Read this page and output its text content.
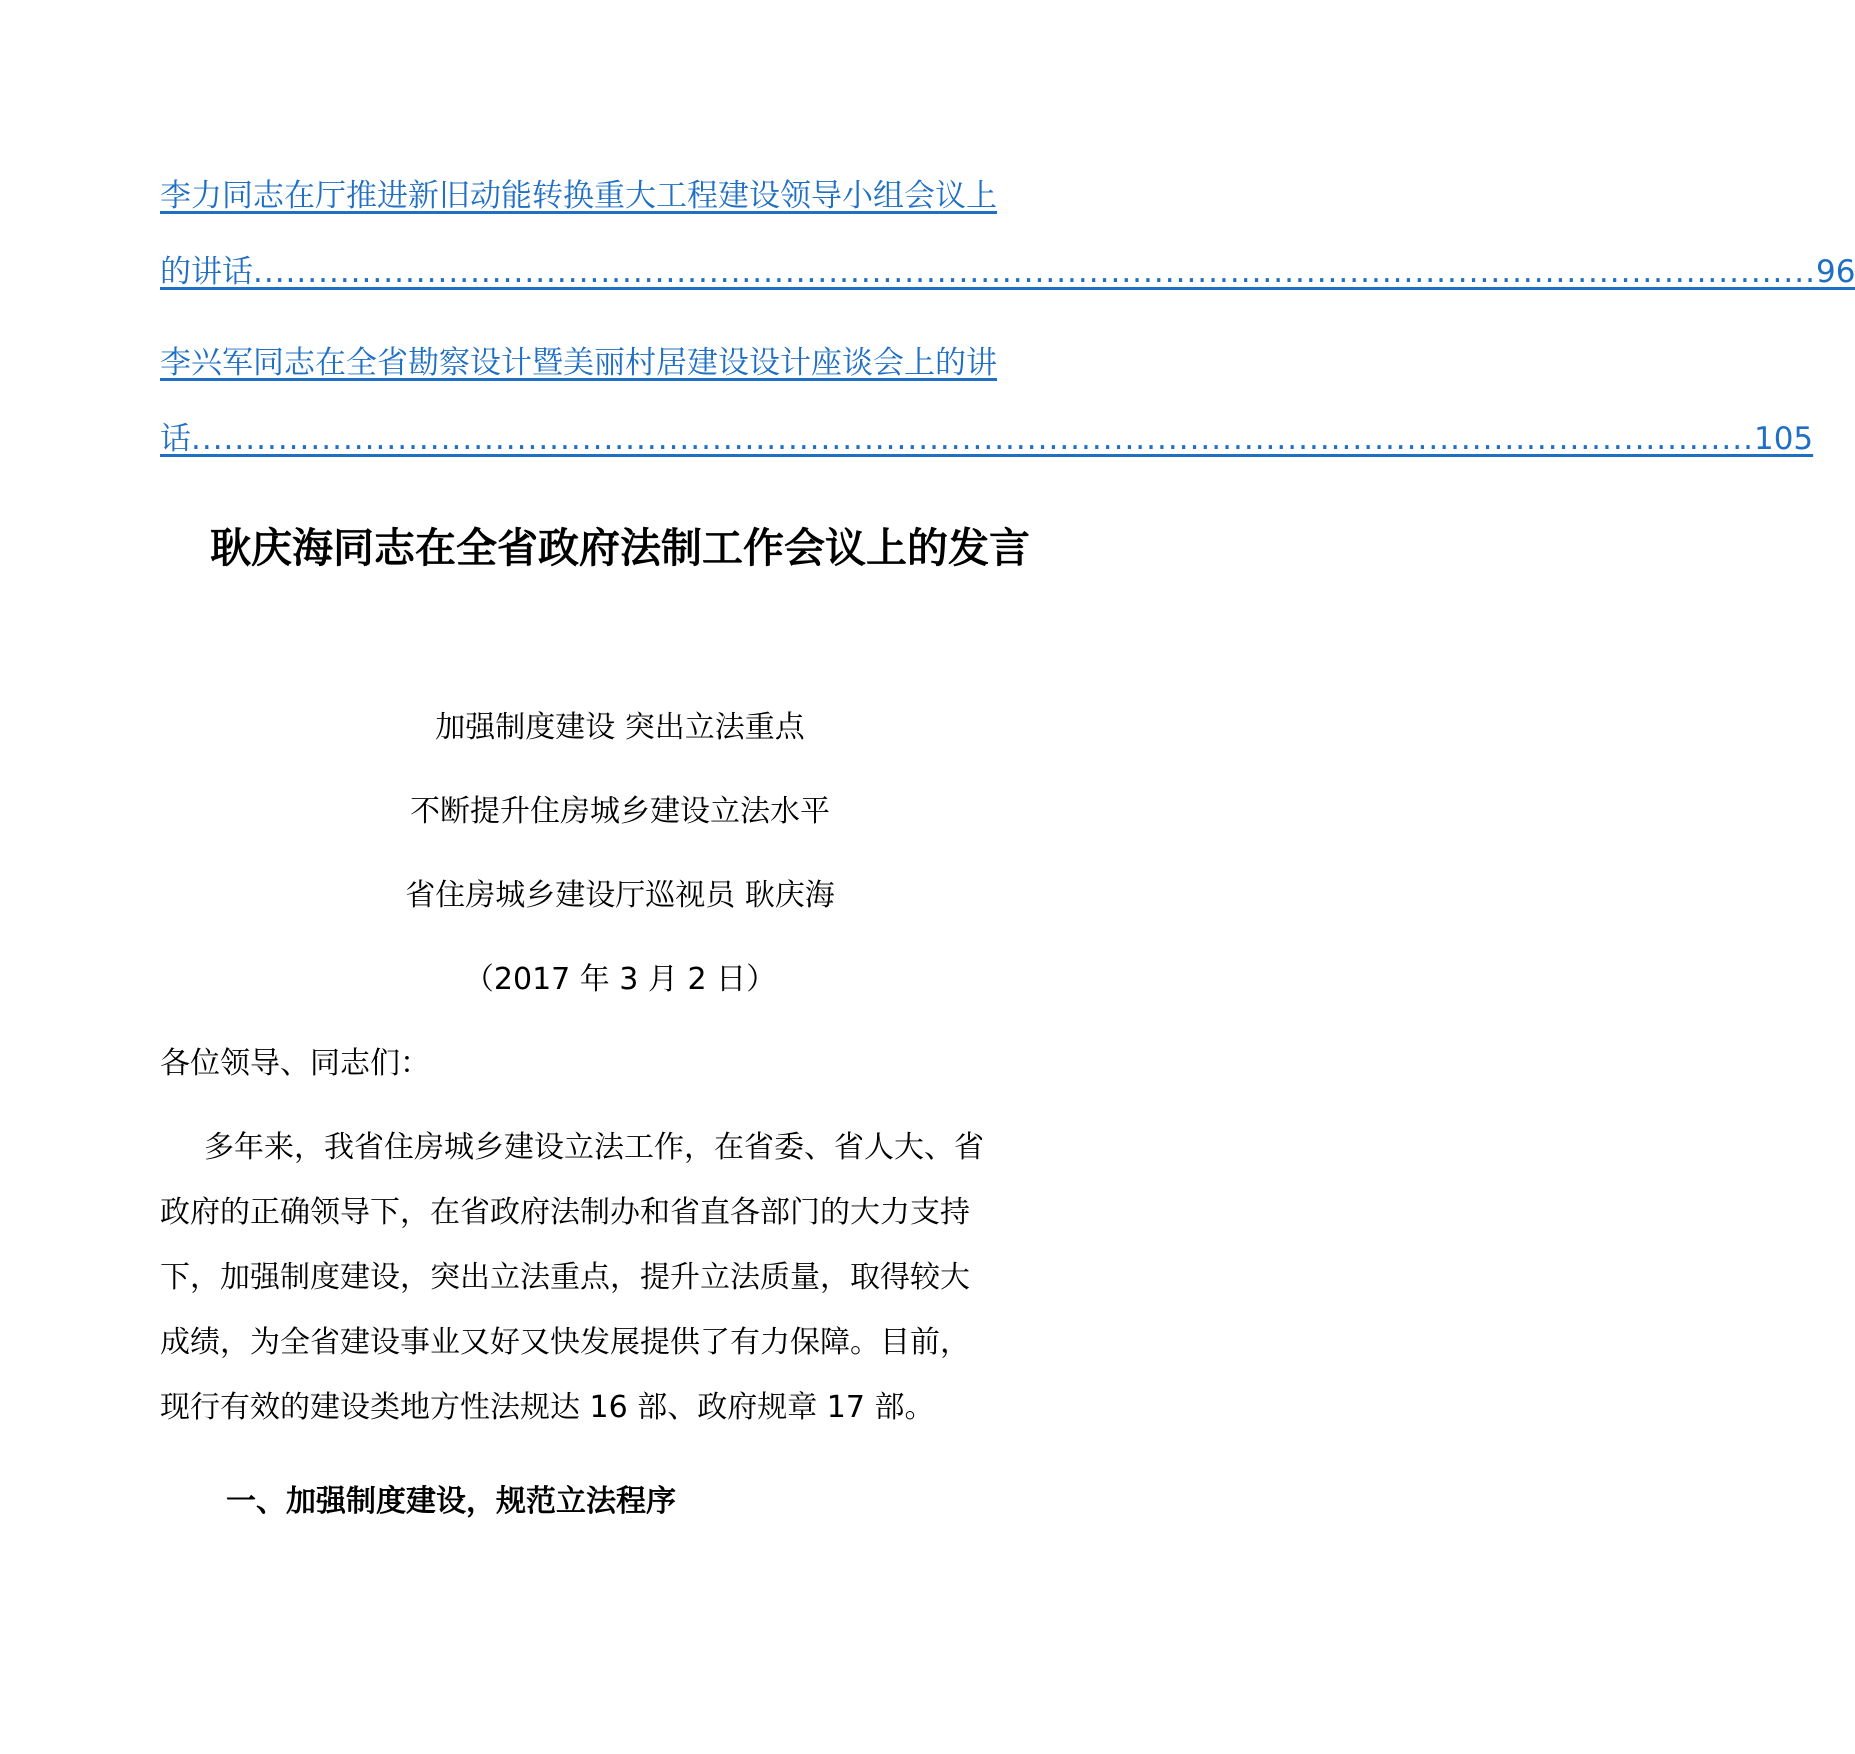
李力同志在厅推进新旧动能转换重大工程建设领导小组会议上
的讲话 ................................................................................................................................................ 96
李兴军同志在全省勘察设计暨美丽村居建设设计座谈会上的讲
话 ................................................................................................................................................ 105
耿庆海同志在全省政府法制工作会议上的发言
加强制度建设 突出立法重点
不断提升住房城乡建设立法水平
省住房城乡建设厅巡视员 耿庆海
（2017 年 3 月 2 日）
各位领导、同志们：
多年来，我省住房城乡建设立法工作，在省委、省人大、省
政府的正确领导下，在省政府法制办和省直各部门的大力支持
下，加强制度建设，突出立法重点，提升立法质量，取得较大
成绩，为全省建设事业又好又快发展提供了有力保障。目前，
现行有效的建设类地方性法规达 16 部、政府规章 17 部。
一、加强制度建设，规范立法程序
